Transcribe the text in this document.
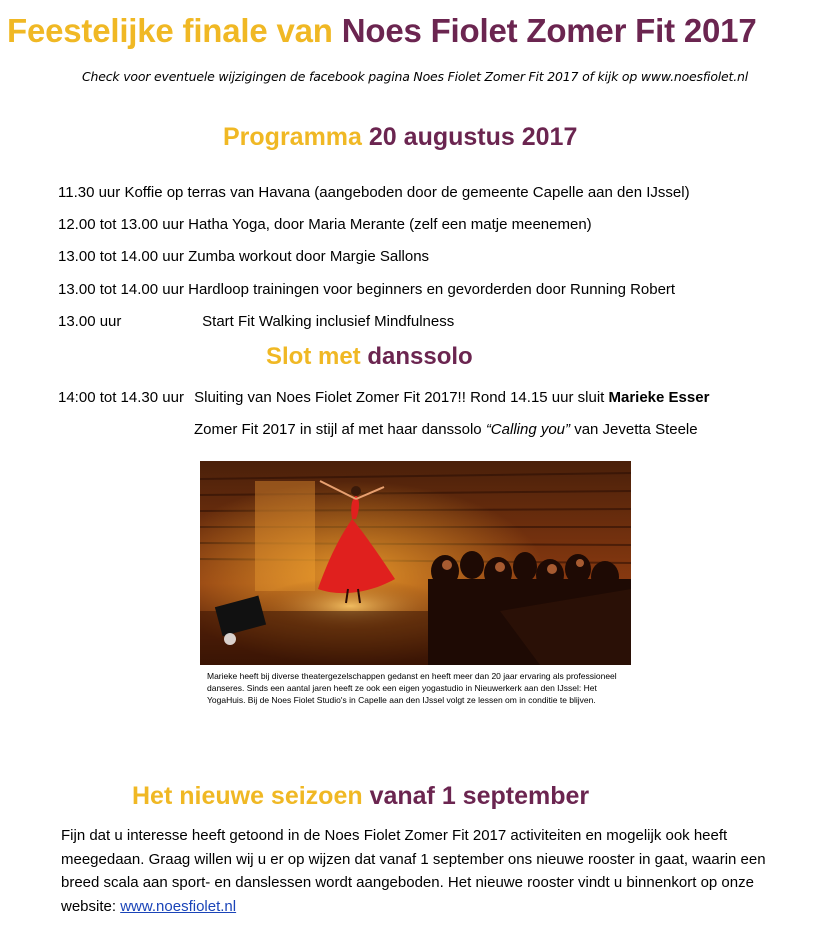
Feestelijke finale van Noes Fiolet Zomer Fit 2017
Check voor eventuele wijzigingen de facebook pagina Noes Fiolet Zomer Fit 2017 of kijk op www.noesfiolet.nl
Programma 20 augustus 2017
11.30 uur Koffie op terras van Havana (aangeboden door de gemeente Capelle aan den IJssel)
12.00 tot 13.00 uur Hatha Yoga, door Maria Merante (zelf een matje meenemen)
13.00 tot 14.00 uur Zumba workout door Margie Sallons
13.00 tot 14.00 uur Hardloop trainingen voor beginners en gevorderden door Running Robert
13.00 uur	Start Fit Walking inclusief Mindfulness
Slot met danssolo
14:00 tot 14.30 uur Sluiting van Noes Fiolet Zomer Fit 2017!! Rond 14.15 uur sluit Marieke Esser
Zomer Fit 2017 in stijl af met haar danssolo “Calling you” van Jevetta Steele
Marieke heeft bij diverse theatergezelschappen gedanst en heeft meer dan 20 jaar ervaring als professioneel danseres. Sinds een aantal jaren heeft ze ook een eigen yogastudio in Nieuwerkerk aan den IJssel: Het YogaHuis. Bij de Noes Fiolet Studio's in Capelle aan den IJssel volgt ze lessen om in conditie te blijven.
Het nieuwe seizoen vanaf 1 september
Fijn dat u interesse heeft getoond in de Noes Fiolet Zomer Fit 2017 activiteiten en mogelijk ook heeft meegedaan. Graag willen wij u er op wijzen dat vanaf 1 september ons nieuwe rooster in gaat, waarin een breed scala aan sport- en danslessen wordt aangeboden. Het nieuwe rooster vindt u binnenkort op onze website: www.noesfiolet.nl
